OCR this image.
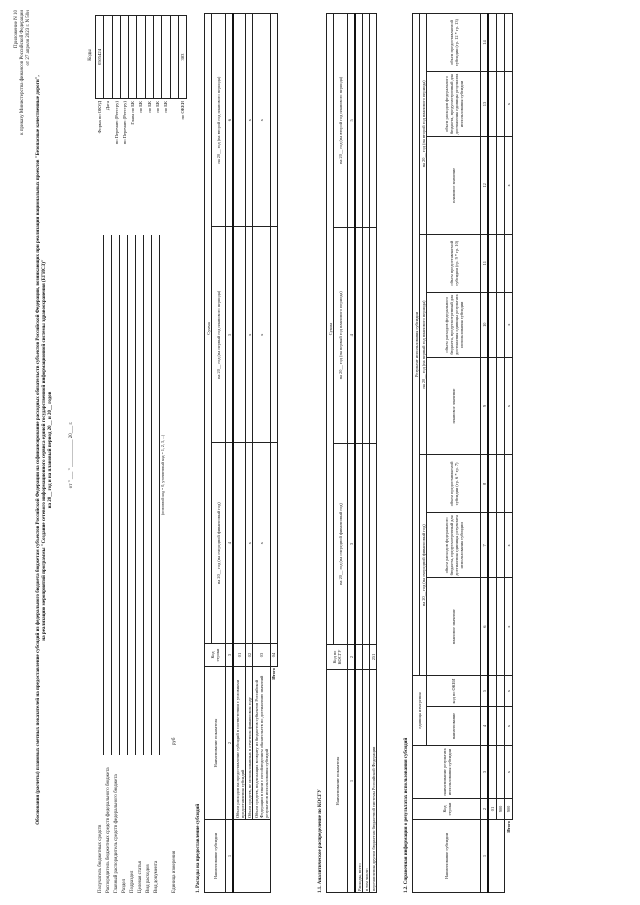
Приложение N 10 к приказу Министерства финансов Российской Федерации от 27 апреля 2023 г. N 50н
Обоснования (расчеты) плановых сметных показателей на предоставление субсидий из федерального бюджета бюджетам субъектов Российской Федерации на софинансирование расходных обязательств субъектов Российской Федерации, возникающих при реализации национальных проектов "Безопасные качественные дороги", на реализацию мероприятий программы "Создание сетевого информационного сервиса единой государственной информационной системы здравоохранения (ЕГИСЗ)" на 20__ год и на плановый период 20__ и 20__ годов	от " ___ " ___________ 20___ г.
Получатель бюджетных средств Распорядитель бюджетных средств федерального бюджета Главный распорядитель средств федерального бюджета Раздел Подраздел Целевая статья Вид расходов Вид документа
(основной код = 0, уточненный код = 1, 2, 3, ...)
Единица измерения
руб
Коды
Форма по ОКУД	0505424
Дата	
по Перечню (Реестру)	
по Перечню (Реестру)	
Глава по БК	
по БК	
по БК	
по БК	
по БК	

по ОКЕИ	383
1. Расходы на предоставление субсидий	Наименование субсидии	Наименование показателя	Код строки	Сумма		
			на 20__ год (на очередной финансовый год)	на 20__ год (на первый год планового периода)	на 20__ год (на второй год планового периода)
1	2	3	4	5	6
	Объем расходов на предоставление субсидий в соответствии с условиями предоставления субсидий	01			
	Объем средств, не использованных в отчетном финансовом году	02	x	x	x
	Объем средств, подлежащих возврату из бюджетов субъектов Российской Федерации в связи с несоблюдением обязательств по достижению значений результатов использования субсидий	03	x	x	x
Итого		04			
1.1. Аналитическое распределение по КОСГУ
Наименование показателя	Код по КОСГУ	Сумма		
		на 20__ год (на очередной финансовый год)	на 20__ год (на первый год планового периода)	на 20__ год (на второй год планового периода)
1	2	3	4	5
Расходы, всего				
в том числе:				
перечисления другим бюджетам бюджетной системы Российской Федерации	251			
1.2. Справочная информация о результатах использования субсидий	Наименование субсидии	Код строки	наименование результата использования субсидии	единица измерения		Результат использования субсидии								
					на 20__ год (на очередной финансовый год)			на 20__ год (на первый год планового периода)			на 20__ год (на второй год планового периода)		
			наименование	код по ОКЕИ	плановое значение	объем расходов федерального бюджета, предусмотренный для достижения единицы результата использования субсидии	объем предоставляемой субсидии (гр. 6 * гр. 7)	плановое значение	объем расходов федерального бюджета, предусмотренный для достижения единицы результата использования субсидии	объем предоставляемой субсидии (гр. 9 * гр. 10)	плановое значение	объем расходов федерального бюджета, предусмотренный для достижения единицы результата использования субсидии	объем предоставляемой субсидии (гр. 12 * гр. 13)

1	2	3	4	5	6	7	8	9	10	11	12	13	14
	01												
	900												
Итого	900	x	x	x	x	x		x	x		x	x	
